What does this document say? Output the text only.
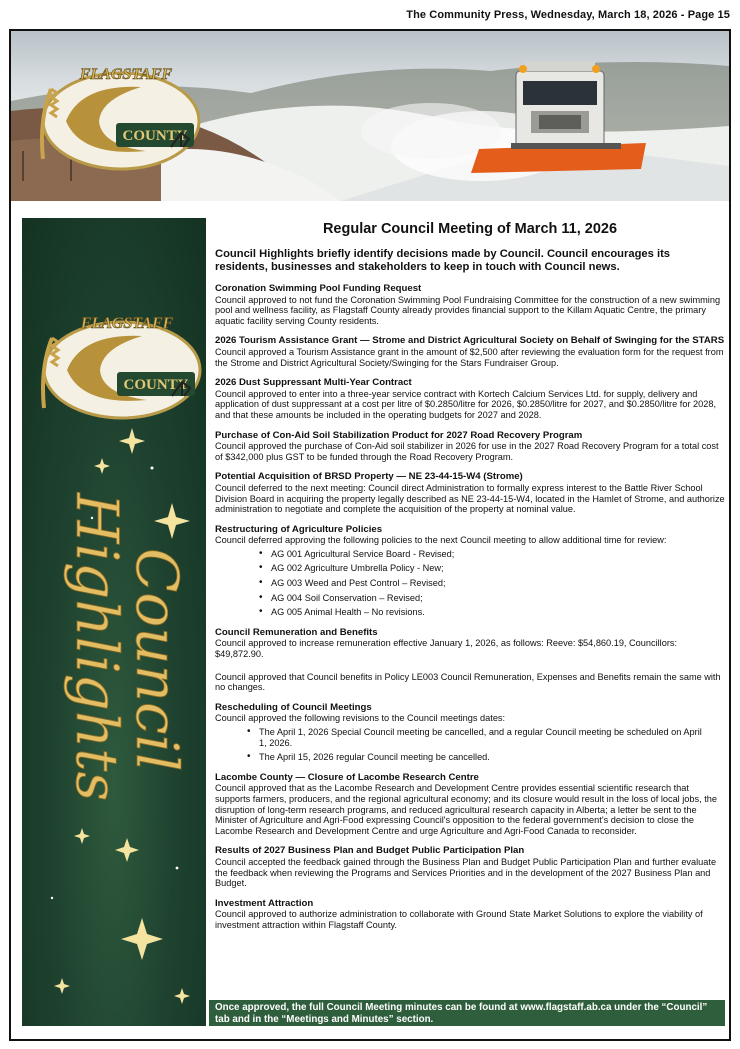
The Community Press, Wednesday, March 18, 2026 - Page 15
COUNTY
FLAGSTAFF
COUNTY
FLAGSTAFF
Council
Highlights
Regular Council Meeting of March 11, 2026
Council Highlights briefly identify decisions made by Council. Council encourages its residents, businesses and stakeholders to keep in touch with Council news.
Coronation Swimming Pool Funding Request

Council approved to not fund the Coronation Swimming Pool Fundraising Committee for the construction of a new swimming pool and wellness facility, as Flagstaff County already provides financial support to the Killam Aquatic Centre, the primary aquatic facility serving County residents.

2026 Tourism Assistance Grant — Strome and District Agricultural Society on Behalf of Swinging for the STARS

Council approved a Tourism Assistance grant in the amount of $2,500 after reviewing the evaluation form for the request from the Strome and District Agricultural Society/Swinging for the Stars Fundraiser Group.

2026 Dust Suppressant Multi-Year Contract

Council approved to enter into a three-year service contract with Kortech Calcium Services Ltd. for supply, delivery and application of dust suppressant at a cost per litre of $0.2850/litre for 2026, $0.2850/litre for 2027, and $0.2850/litre for 2028, and that these amounts be included in the operating budgets for 2027 and 2028.

Purchase of Con-Aid Soil Stabilization Product for 2027 Road Recovery Program

Council approved the purchase of Con-Aid soil stabilizer in 2026 for use in the 2027 Road Recovery Program for a total cost of $342,000 plus GST to be funded through the Road Recovery Program.

Potential Acquisition of BRSD Property — NE 23-44-15-W4 (Strome)

Council deferred to the next meeting: Council direct Administration to formally express interest to the Battle River School Division Board in acquiring the property legally described as NE 23-44-15-W4, located in the Hamlet of Strome, and authorize administration to negotiate and complete the acquisition of the property at nominal value.

Restructuring of Agriculture Policies

Council deferred approving the following policies to the next Council meeting to allow additional time for review:

• AG 001 Agricultural Service Board - Revised;
• AG 002 Agriculture Umbrella Policy - New;
• AG 003 Weed and Pest Control – Revised;
• AG 004 Soil Conservation – Revised;
• AG 005 Animal Health – No revisions.
Council Remuneration and Benefits

Council approved to increase remuneration effective January 1, 2026, as follows: Reeve: $54,860.19, Councillors: $49,872.90.

Council approved that Council benefits in Policy LE003 Council Remuneration, Expenses and Benefits remain the same with no changes.

Rescheduling of Council Meetings

Council approved the following revisions to the Council meetings dates:

• The April 1, 2026 Special Council meeting be cancelled, and a regular Council meeting be scheduled on April 1, 2026.
• The April 15, 2026 regular Council meeting be cancelled.
Lacombe County — Closure of Lacombe Research Centre

Council approved that as the Lacombe Research and Development Centre provides essential scientific research that supports farmers, producers, and the regional agricultural economy; and its closure would result in the loss of local jobs, the disruption of long-term research programs, and reduced agricultural research capacity in Alberta; a letter be sent to the Minister of Agriculture and Agri-Food expressing Council's opposition to the federal government's decision to close the Lacombe Research and Development Centre and urge Agriculture and Agri-Food Canada to reconsider.

Results of 2027 Business Plan and Budget Public Participation Plan

Council accepted the feedback gained through the Business Plan and Budget Public Participation Plan and further evaluate the feedback when reviewing the Programs and Services Priorities and in the development of the 2027 Business Plan and Budget.

Investment Attraction

Council approved to authorize administration to collaborate with Ground State Market Solutions to explore the viability of investment attraction within Flagstaff County.

Once approved, the full Council Meeting minutes can be found at www.flagstaff.ab.ca under the “Council” tab and in the “Meetings and Minutes” section.
